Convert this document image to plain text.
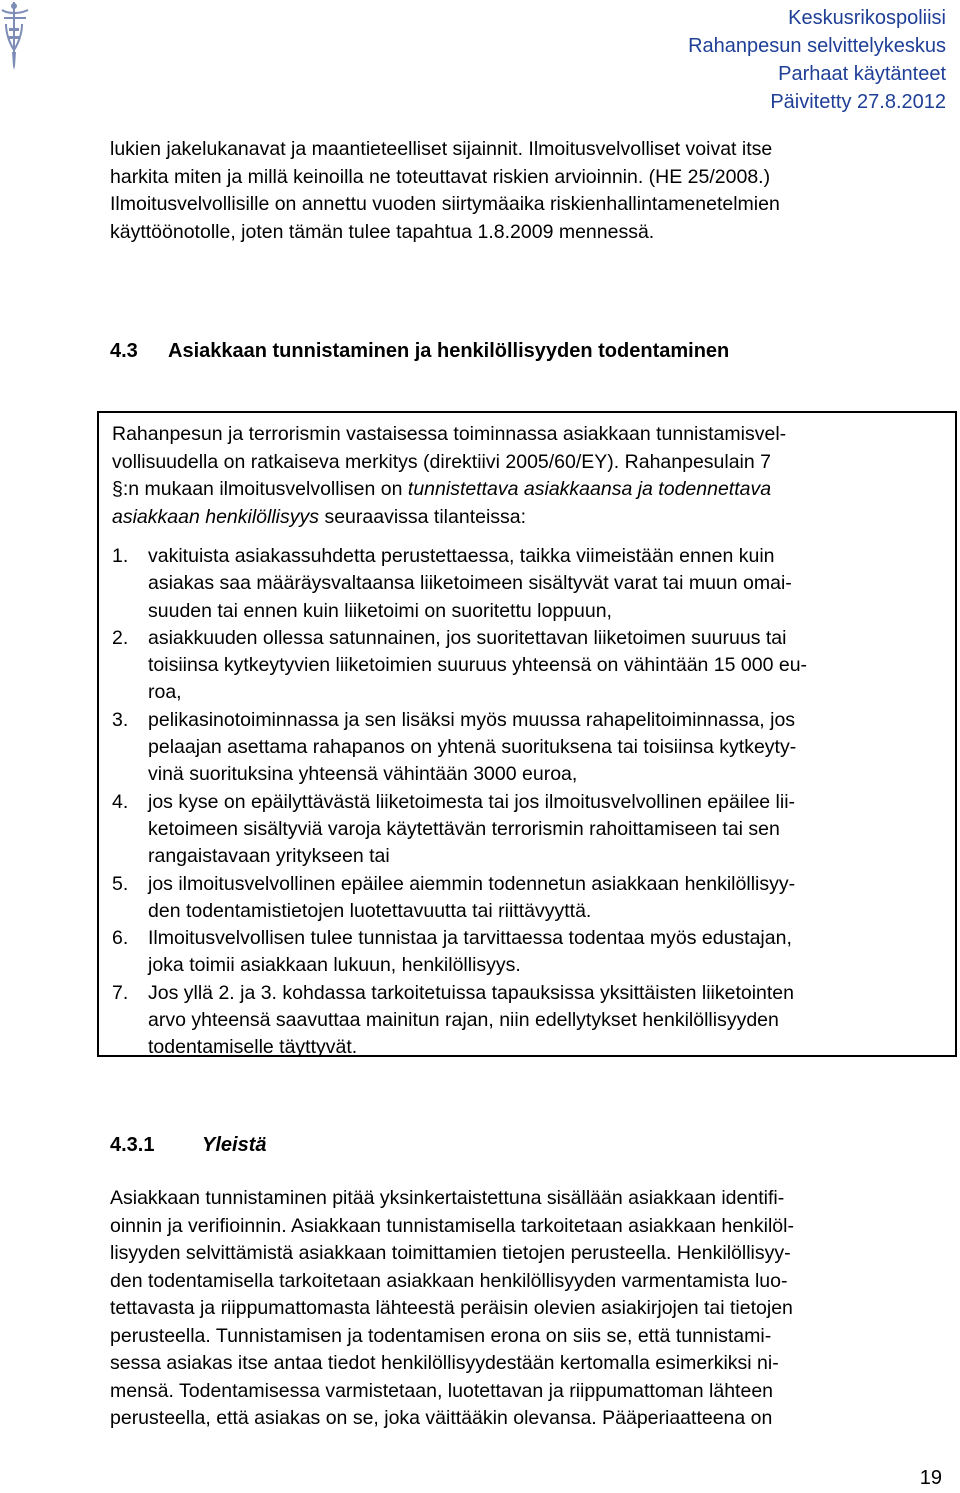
Keskusrikospoliisi
Rahanpesun selvittelykeskus
Parhaat käytänteet
Päivitetty 27.8.2012

lukien jakelukanavat ja maantieteelliset sijainnit. Ilmoitusvelvolliset voivat itse

harkita miten ja millä keinoilla ne toteuttavat riskien arvioinnin. (HE 25/2008.)

Ilmoitusvelvollisille on annettu vuoden siirtymäaika riskienhallintamenetelmien

käyttöönotolle, joten tämän tulee tapahtua 1.8.2009 mennessä.

4.3 Asiakkaan tunnistaminen ja henkilöllisyyden todentaminen

Rahanpesun ja terrorismin vastaisessa toiminnassa asiakkaan tunnistamisvel-

vollisuudella on ratkaiseva merkitys (direktiivi 2005/60/EY). Rahanpesulain 7

§:n mukaan ilmoitusvelvollisen on tunnistettava asiakkaansa ja todennettava

asiakkaan henkilöllisyys seuraavissa tilanteissa:

1.	vakituista asiakassuhdetta perustettaessa, taikka viimeistään ennen kuin
asiakas saa määräysvaltaansa liiketoimeen sisältyvät varat tai muun omai-
suuden tai ennen kuin liiketoimi on suoritettu loppuun,
2.	asiakkuuden ollessa satunnainen, jos suoritettavan liiketoimen suuruus tai
toisiinsa kytkeytyvien liiketoimien suuruus yhteensä on vähintään 15 000 eu-
roa,
3.	pelikasinotoiminnassa ja sen lisäksi myös muussa rahapelitoiminnassa, jos
pelaajan asettama rahapanos on yhtenä suorituksena tai toisiinsa kytkeyty-
vinä suorituksina yhteensä vähintään 3000 euroa,
4.	jos kyse on epäilyttävästä liiketoimesta tai jos ilmoitusvelvollinen epäilee lii-
ketoimeen sisältyviä varoja käytettävän terrorismin rahoittamiseen tai sen
rangaistavaan yritykseen tai
5.	jos ilmoitusvelvollinen epäilee aiemmin todennetun asiakkaan henkilöllisyy-
den todentamistietojen luotettavuutta tai riittävyyttä.
6.	Ilmoitusvelvollisen tulee tunnistaa ja tarvittaessa todentaa myös edustajan,
joka toimii asiakkaan lukuun, henkilöllisyys.
7.	Jos yllä 2. ja 3. kohdassa tarkoitetuissa tapauksissa yksittäisten liiketointen
arvo yhteensä saavuttaa mainitun rajan, niin edellytykset henkilöllisyyden
todentamiselle täyttyvät.
4.3.1 Yleistä

Asiakkaan tunnistaminen pitää yksinkertaistettuna sisällään asiakkaan identifi-

oinnin ja verifioinnin. Asiakkaan tunnistamisella tarkoitetaan asiakkaan henkilöl-

lisyyden selvittämistä asiakkaan toimittamien tietojen perusteella. Henkilöllisyy-

den todentamisella tarkoitetaan asiakkaan henkilöllisyyden varmentamista luo-

tettavasta ja riippumattomasta lähteestä peräisin olevien asiakirjojen tai tietojen

perusteella. Tunnistamisen ja todentamisen erona on siis se, että tunnistami-

sessa asiakas itse antaa tiedot henkilöllisyydestään kertomalla esimerkiksi ni-

mensä. Todentamisessa varmistetaan, luotettavan ja riippumattoman lähteen

perusteella, että asiakas on se, joka väittääkin olevansa. Pääperiaatteena on

19
